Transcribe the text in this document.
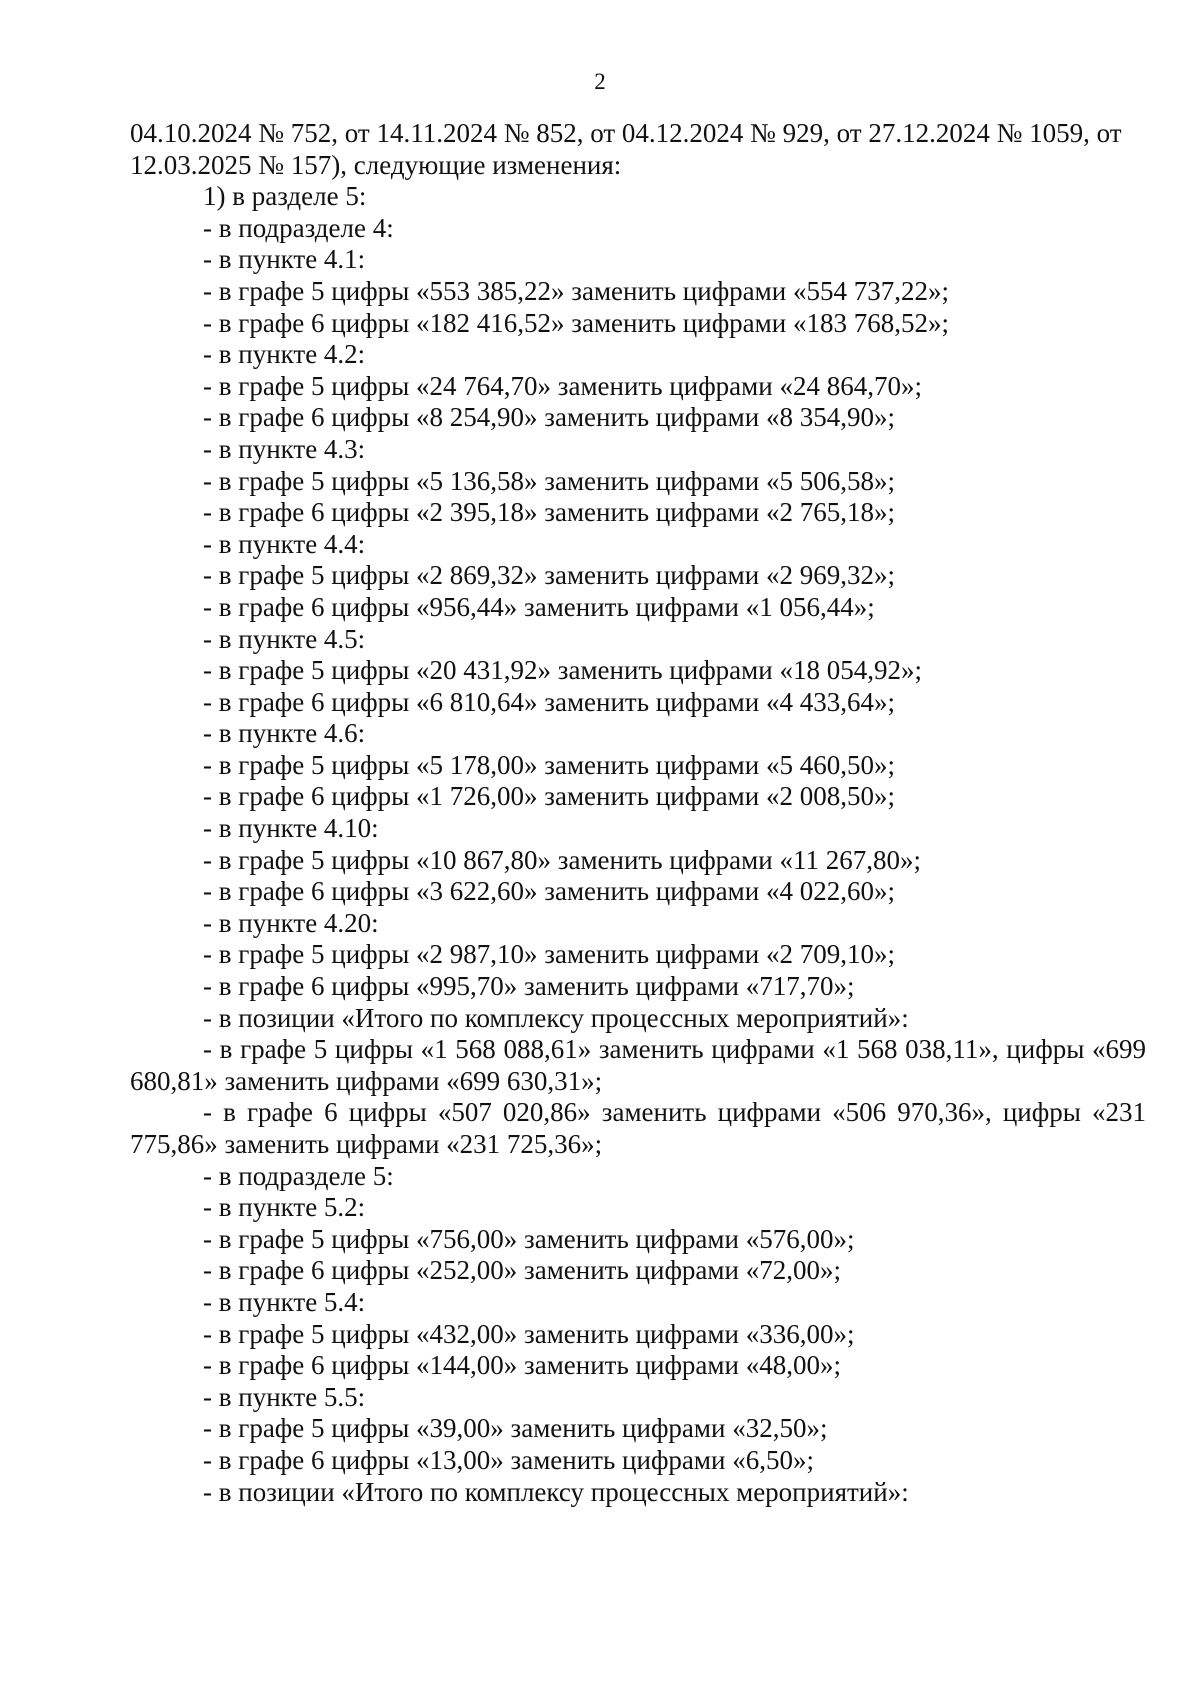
2

04.10.2024 № 752, от 14.11.2024 № 852, от 04.12.2024 № 929, от 27.12.2024 № 1059, от 12.03.2025 № 157), следующие изменения:

1) в разделе 5:

- в подразделе 4:

- в пункте 4.1:

- в графе 5 цифры «553 385,22» заменить цифрами «554 737,22»;

- в графе 6 цифры «182 416,52» заменить цифрами «183 768,52»;

- в пункте 4.2:

- в графе 5 цифры «24 764,70» заменить цифрами «24 864,70»;

- в графе 6 цифры «8 254,90» заменить цифрами «8 354,90»;

- в пункте 4.3:

- в графе 5 цифры «5 136,58» заменить цифрами «5 506,58»;

- в графе 6 цифры «2 395,18» заменить цифрами «2 765,18»;

- в пункте 4.4:

- в графе 5 цифры «2 869,32» заменить цифрами «2 969,32»;

- в графе 6 цифры «956,44» заменить цифрами «1 056,44»;

- в пункте 4.5:

- в графе 5 цифры «20 431,92» заменить цифрами «18 054,92»;

- в графе 6 цифры «6 810,64» заменить цифрами «4 433,64»;

- в пункте 4.6:

- в графе 5 цифры «5 178,00» заменить цифрами «5 460,50»;

- в графе 6 цифры «1 726,00» заменить цифрами «2 008,50»;

- в пункте 4.10:

- в графе 5 цифры «10 867,80» заменить цифрами «11 267,80»;

- в графе 6 цифры «3 622,60» заменить цифрами «4 022,60»;

- в пункте 4.20:

- в графе 5 цифры «2 987,10» заменить цифрами «2 709,10»;

- в графе 6 цифры «995,70» заменить цифрами «717,70»;

- в позиции «Итого по комплексу процессных мероприятий»:

- в графе 5 цифры «1 568 088,61» заменить цифрами «1 568 038,11», цифры «699 680,81» заменить цифрами «699 630,31»;

- в графе 6 цифры «507 020,86» заменить цифрами «506 970,36», цифры «231 775,86» заменить цифрами «231 725,36»;

- в подразделе 5:

- в пункте 5.2:

- в графе 5 цифры «756,00» заменить цифрами «576,00»;

- в графе 6 цифры «252,00» заменить цифрами «72,00»;

- в пункте 5.4:

- в графе 5 цифры «432,00» заменить цифрами «336,00»;

- в графе 6 цифры «144,00» заменить цифрами «48,00»;

- в пункте 5.5:

- в графе 5 цифры «39,00» заменить цифрами «32,50»;

- в графе 6 цифры «13,00» заменить цифрами «6,50»;

- в позиции «Итого по комплексу процессных мероприятий»:
